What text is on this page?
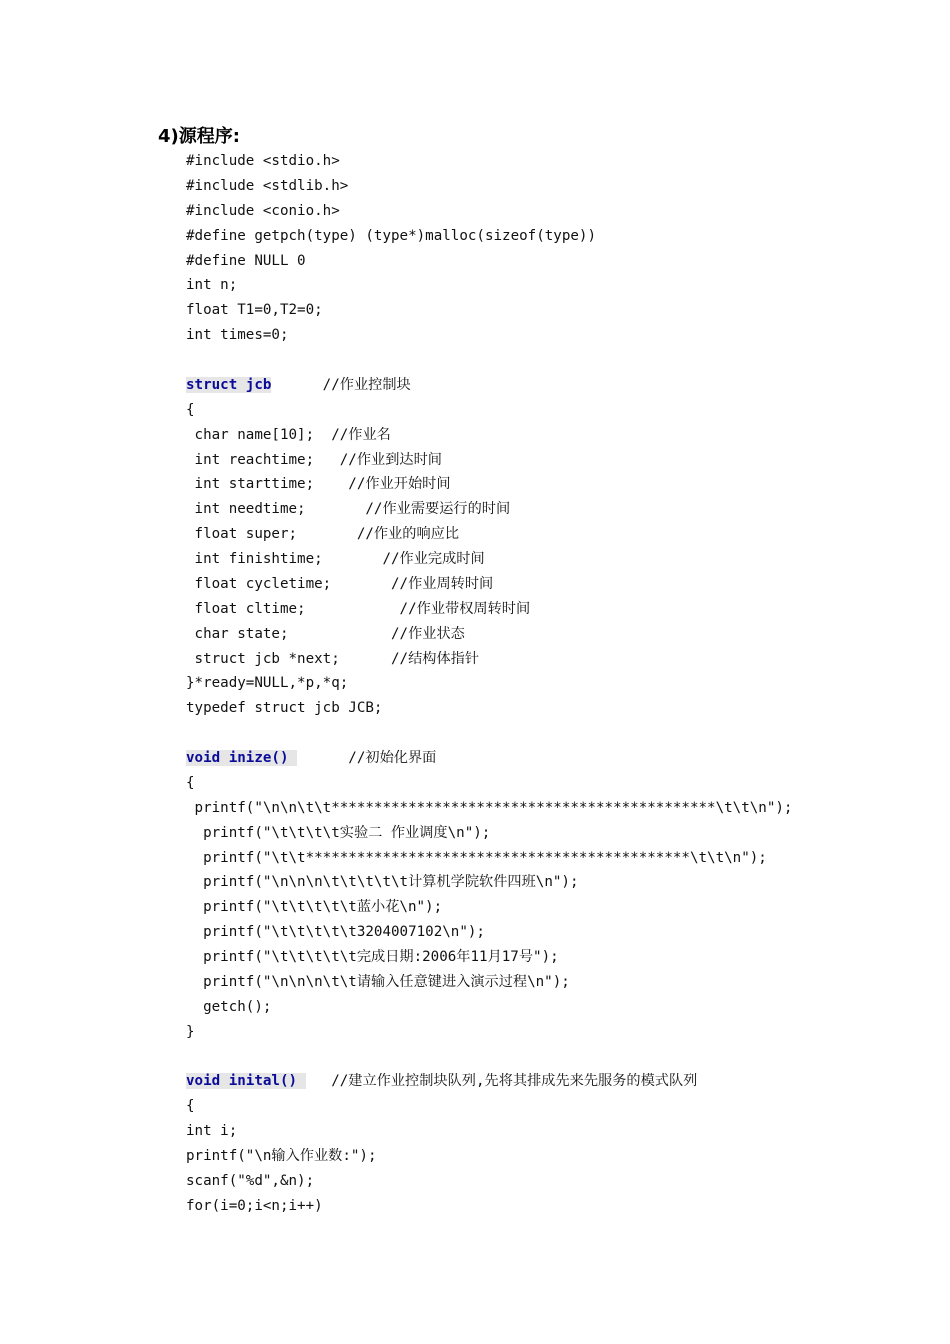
4)源程序:
#include <stdio.h>
#include <stdlib.h>
#include <conio.h>
#define getpch(type) (type*)malloc(sizeof(type))
#define NULL 0
int n;
float T1=0,T2=0;
int times=0;
struct jcb      //作业控制块
{
char name[10];  //作业名
int reachtime;   //作业到达时间
int starttime;    //作业开始时间
int needtime;       //作业需要运行的时间
float super;       //作业的响应比
int finishtime;       //作业完成时间
float cycletime;       //作业周转时间
float cltime;           //作业带权周转时间
char state;            //作业状态
struct jcb *next;      //结构体指针
}*ready=NULL,*p,*q;
typedef struct jcb JCB;
void inize()       //初始化界面
{
printf("\n\n\t\t*********************************************\t\t\n");
printf("\t\t\t\t实验二 作业调度\n");
printf("\t\t*********************************************\t\t\n");
printf("\n\n\n\t\t\t\t\t计算机学院软件四班\n");
printf("\t\t\t\t\t蓝小花\n");
printf("\t\t\t\t\t3204007102\n");
printf("\t\t\t\t\t完成日期:2006年11月17号");
printf("\n\n\n\t\t请输入任意键进入演示过程\n");
getch();
}
void inital()    //建立作业控制块队列,先将其排成先来先服务的模式队列
{
int i;
printf("\n输入作业数:");
scanf("%d",&n);
for(i=0;i<n;i++)
